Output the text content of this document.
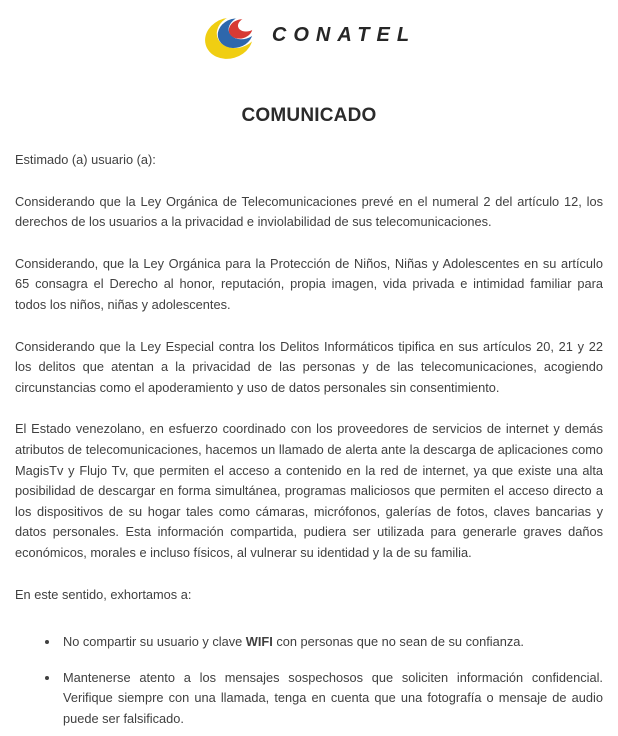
CONATEL
COMUNICADO

Estimado (a) usuario (a):

Considerando que la Ley Orgánica de Telecomunicaciones prevé en el numeral 2 del artículo 12, los derechos de los usuarios a la privacidad e inviolabilidad de sus telecomunicaciones.

Considerando, que la Ley Orgánica para la Protección de Niños, Niñas y Adolescentes en su artículo 65 consagra el Derecho al honor, reputación, propia imagen, vida privada e intimidad familiar para todos los niños, niñas y adolescentes.

Considerando que la Ley Especial contra los Delitos Informáticos tipifica en sus artículos 20, 21 y 22 los delitos que atentan a la privacidad de las personas y de las telecomunicaciones, acogiendo circunstancias como el apoderamiento y uso de datos personales sin consentimiento.

El Estado venezolano, en esfuerzo coordinado con los proveedores de servicios de internet y demás atributos de telecomunicaciones, hacemos un llamado de alerta ante la descarga de aplicaciones como MagisTv y Flujo Tv, que permiten el acceso a contenido en la red de internet, ya que existe una alta posibilidad de descargar en forma simultánea, programas maliciosos que permiten el acceso directo a los dispositivos de su hogar tales como cámaras, micrófonos, galerías de fotos, claves bancarias y datos personales. Esta información compartida, pudiera ser utilizada para generarle graves daños económicos, morales e incluso físicos, al vulnerar su identidad y la de su familia.

En este sentido, exhortamos a:

• No compartir su usuario y clave WIFI con personas que no sean de su confianza.
• Mantenerse atento a los mensajes sospechosos que soliciten información confidencial. Verifique siempre con una llamada, tenga en cuenta que una fotografía o mensaje de audio puede ser falsificado.
